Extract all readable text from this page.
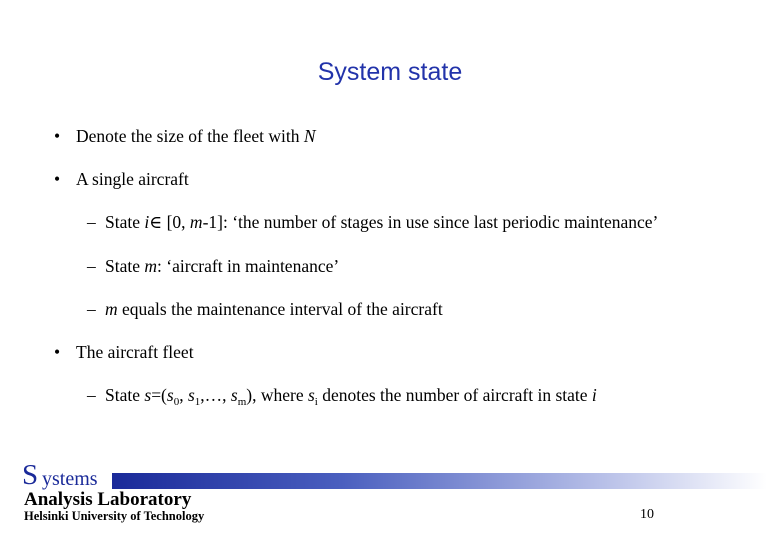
System state
• Denote the size of the fleet with N
• A single aircraft
– State i∈ [0, m-1]: ‘the number of stages in use since last periodic maintenance’
– State m: ‘aircraft in maintenance’
– m equals the maintenance interval of the aircraft
• The aircraft fleet
– State $s=(s_0$, $s_1,\dots$, $s_m$), where $s_i$ denotes the number of aircraft in state i
S ystems
Analysis Laboratory
Helsinki University of Technology	10
